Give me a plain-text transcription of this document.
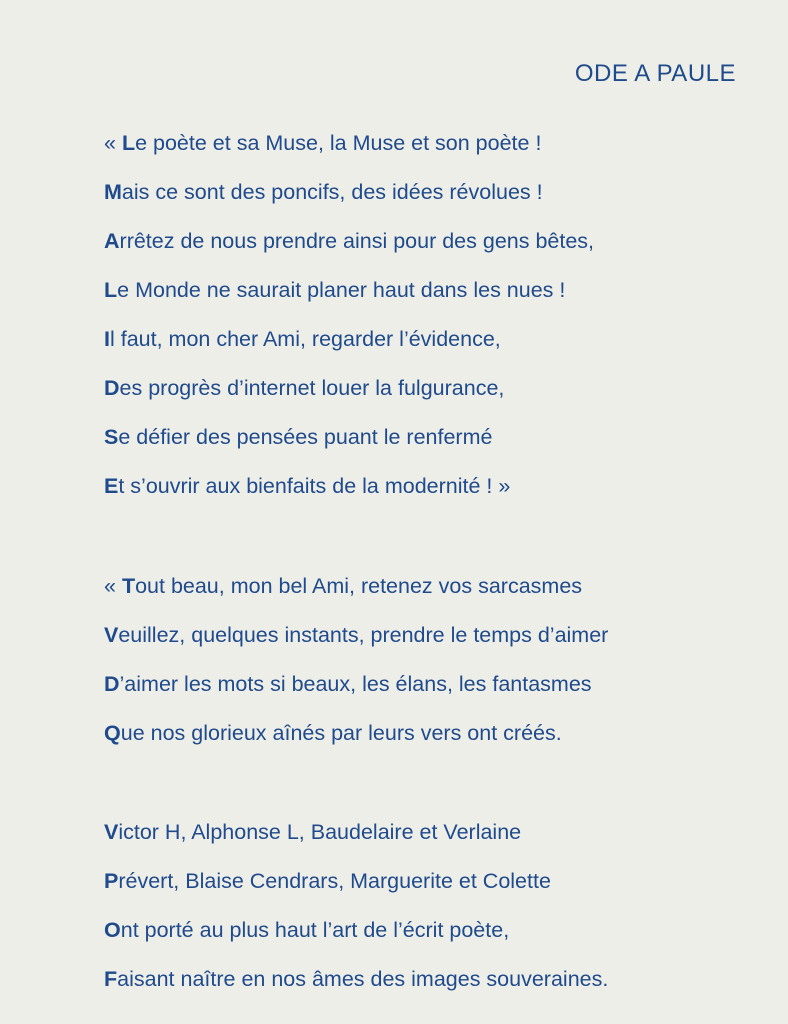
ODE A PAULE
« Le poète et sa Muse, la Muse et son poète !
Mais ce sont des poncifs, des idées révolues !
Arrêtez de nous prendre ainsi pour des gens bêtes,
Le Monde ne saurait planer haut dans les nues !
Il faut, mon cher Ami, regarder l’évidence,
Des progrès d’internet louer la fulgurance,
Se défier des pensées puant le renfermé
Et s’ouvrir aux bienfaits de la modernité ! »
« Tout beau, mon bel Ami, retenez vos sarcasmes
Veuillez, quelques instants, prendre le temps d’aimer
D’aimer les mots si beaux, les élans, les fantasmes
Que nos glorieux aînés par leurs vers ont créés.
Victor H, Alphonse L, Baudelaire et Verlaine
Prévert, Blaise Cendrars, Marguerite et Colette
Ont porté au plus haut l’art de l’écrit poète,
Faisant naître en nos âmes des images souveraines.
